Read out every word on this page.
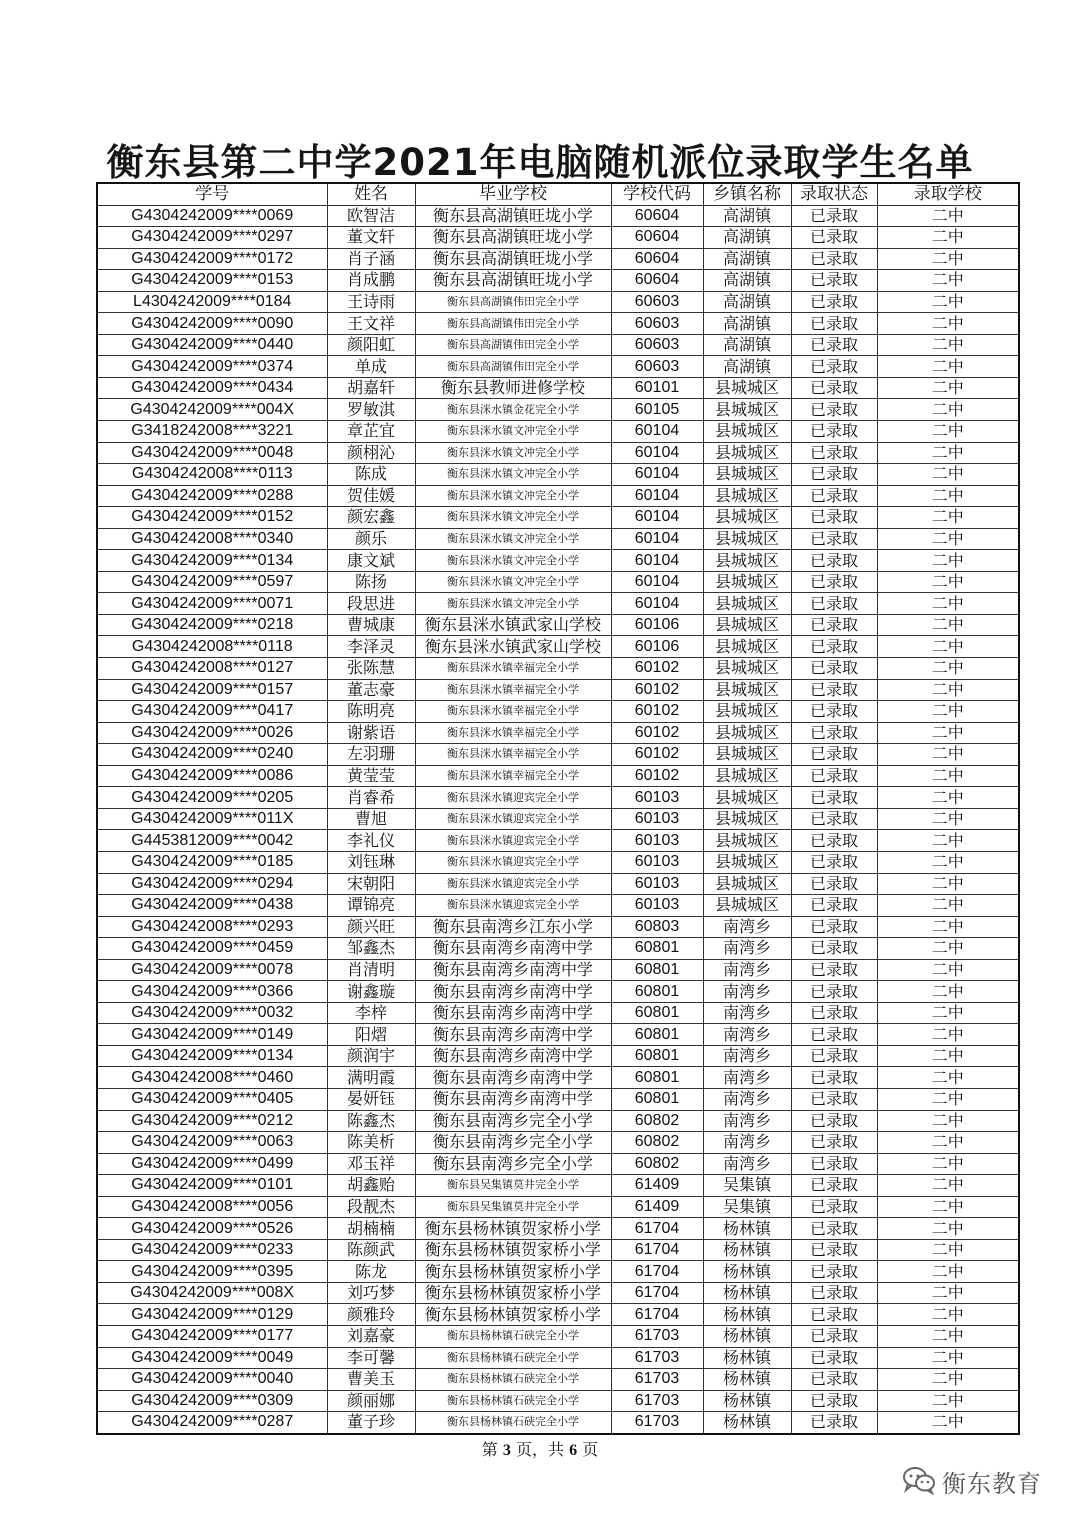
衡东县第二中学2021年电脑随机派位录取学生名单
学号	姓名	毕业学校	学校代码	乡镇名称	录取状态	录取学校
G4304242009****0069	欧智洁	衡东县高湖镇旺垅小学	60604	高湖镇	已录取	二中
G4304242009****0297	董文轩	衡东县高湖镇旺垅小学	60604	高湖镇	已录取	二中
G4304242009****0172	肖子涵	衡东县高湖镇旺垅小学	60604	高湖镇	已录取	二中
G4304242009****0153	肖成鹏	衡东县高湖镇旺垅小学	60604	高湖镇	已录取	二中
L4304242009****0184	王诗雨	衡东县高湖镇伟田完全小学	60603	高湖镇	已录取	二中
G4304242009****0090	王文祥	衡东县高湖镇伟田完全小学	60603	高湖镇	已录取	二中
G4304242009****0440	颜阳虹	衡东县高湖镇伟田完全小学	60603	高湖镇	已录取	二中
G4304242009****0374	单成	衡东县高湖镇伟田完全小学	60603	高湖镇	已录取	二中
G4304242009****0434	胡嘉轩	衡东县教师进修学校	60101	县城城区	已录取	二中
G4304242009****004X	罗敏淇	衡东县洣水镇金花完全小学	60105	县城城区	已录取	二中
G3418242008****3221	章芷宜	衡东县洣水镇文冲完全小学	60104	县城城区	已录取	二中
G4304242009****0048	颜栩沁	衡东县洣水镇文冲完全小学	60104	县城城区	已录取	二中
G4304242008****0113	陈成	衡东县洣水镇文冲完全小学	60104	县城城区	已录取	二中
G4304242009****0288	贺佳媛	衡东县洣水镇文冲完全小学	60104	县城城区	已录取	二中
G4304242009****0152	颜宏鑫	衡东县洣水镇文冲完全小学	60104	县城城区	已录取	二中
G4304242008****0340	颜乐	衡东县洣水镇文冲完全小学	60104	县城城区	已录取	二中
G4304242009****0134	康文斌	衡东县洣水镇文冲完全小学	60104	县城城区	已录取	二中
G4304242009****0597	陈扬	衡东县洣水镇文冲完全小学	60104	县城城区	已录取	二中
G4304242009****0071	段思进	衡东县洣水镇文冲完全小学	60104	县城城区	已录取	二中
G4304242009****0218	曹城康	衡东县洣水镇武家山学校	60106	县城城区	已录取	二中
G4304242008****0118	李泽灵	衡东县洣水镇武家山学校	60106	县城城区	已录取	二中
G4304242008****0127	张陈慧	衡东县洣水镇幸福完全小学	60102	县城城区	已录取	二中
G4304242009****0157	董志豪	衡东县洣水镇幸福完全小学	60102	县城城区	已录取	二中
G4304242009****0417	陈明亮	衡东县洣水镇幸福完全小学	60102	县城城区	已录取	二中
G4304242009****0026	谢紫语	衡东县洣水镇幸福完全小学	60102	县城城区	已录取	二中
G4304242009****0240	左羽珊	衡东县洣水镇幸福完全小学	60102	县城城区	已录取	二中
G4304242009****0086	黄莹莹	衡东县洣水镇幸福完全小学	60102	县城城区	已录取	二中
G4304242009****0205	肖睿希	衡东县洣水镇迎宾完全小学	60103	县城城区	已录取	二中
G4304242009****011X	曹旭	衡东县洣水镇迎宾完全小学	60103	县城城区	已录取	二中
G4453812009****0042	李礼仪	衡东县洣水镇迎宾完全小学	60103	县城城区	已录取	二中
G4304242009****0185	刘钰琳	衡东县洣水镇迎宾完全小学	60103	县城城区	已录取	二中
G4304242009****0294	宋朝阳	衡东县洣水镇迎宾完全小学	60103	县城城区	已录取	二中
G4304242009****0438	谭锦亮	衡东县洣水镇迎宾完全小学	60103	县城城区	已录取	二中
G4304242008****0293	颜兴旺	衡东县南湾乡江东小学	60803	南湾乡	已录取	二中
G4304242009****0459	邹鑫杰	衡东县南湾乡南湾中学	60801	南湾乡	已录取	二中
G4304242009****0078	肖清明	衡东县南湾乡南湾中学	60801	南湾乡	已录取	二中
G4304242009****0366	谢鑫璇	衡东县南湾乡南湾中学	60801	南湾乡	已录取	二中
G4304242009****0032	李梓	衡东县南湾乡南湾中学	60801	南湾乡	已录取	二中
G4304242009****0149	阳熠	衡东县南湾乡南湾中学	60801	南湾乡	已录取	二中
G4304242009****0134	颜润宇	衡东县南湾乡南湾中学	60801	南湾乡	已录取	二中
G4304242008****0460	满明霞	衡东县南湾乡南湾中学	60801	南湾乡	已录取	二中
G4304242009****0405	晏妍钰	衡东县南湾乡南湾中学	60801	南湾乡	已录取	二中
G4304242009****0212	陈鑫杰	衡东县南湾乡完全小学	60802	南湾乡	已录取	二中
G4304242009****0063	陈美析	衡东县南湾乡完全小学	60802	南湾乡	已录取	二中
G4304242009****0499	邓玉祥	衡东县南湾乡完全小学	60802	南湾乡	已录取	二中
G4304242009****0101	胡鑫贻	衡东县吴集镇莫井完全小学	61409	吴集镇	已录取	二中
G4304242008****0056	段靓杰	衡东县吴集镇莫井完全小学	61409	吴集镇	已录取	二中
G4304242009****0526	胡楠楠	衡东县杨林镇贺家桥小学	61704	杨林镇	已录取	二中
G4304242009****0233	陈颜武	衡东县杨林镇贺家桥小学	61704	杨林镇	已录取	二中
G4304242009****0395	陈龙	衡东县杨林镇贺家桥小学	61704	杨林镇	已录取	二中
G4304242009****008X	刘巧梦	衡东县杨林镇贺家桥小学	61704	杨林镇	已录取	二中
G4304242009****0129	颜雅玲	衡东县杨林镇贺家桥小学	61704	杨林镇	已录取	二中
G4304242009****0177	刘嘉豪	衡东县杨林镇石硖完全小学	61703	杨林镇	已录取	二中
G4304242009****0049	李可馨	衡东县杨林镇石硖完全小学	61703	杨林镇	已录取	二中
G4304242009****0040	曹美玉	衡东县杨林镇石硖完全小学	61703	杨林镇	已录取	二中
G4304242009****0309	颜丽娜	衡东县杨林镇石硖完全小学	61703	杨林镇	已录取	二中
G4304242009****0287	董子珍	衡东县杨林镇石硖完全小学	61703	杨林镇	已录取	二中
第 3 页，共 6 页
衡东教育
